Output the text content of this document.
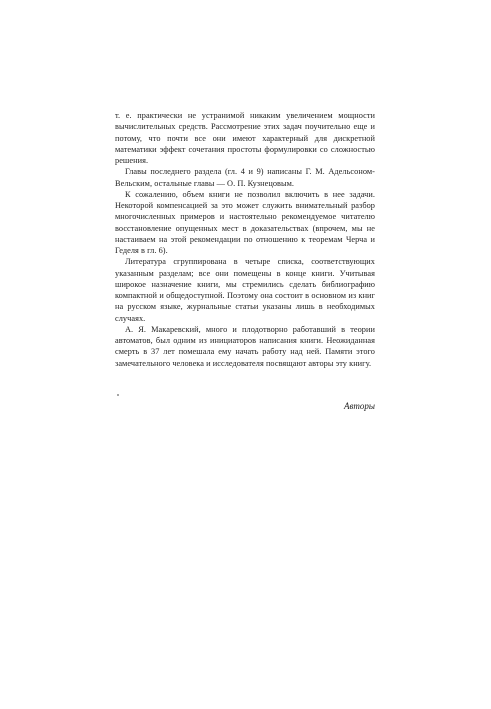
т. е. практически не устранимой никаким увеличением мощности вычислительных средств. Рассмотрение этих задач поучительно еще и потому, что почти все они имеют характерный для дискретной математики эффект сочетания простоты формулировки со сложностью решения.

Главы последнего раздела (гл. 4 и 9) написаны Г. М. Адельсоном-Вельским, остальные главы — О. П. Кузнецовым.

К сожалению, объем книги не позволил включить в нее задачи. Некоторой компенсацией за это может служить внимательный разбор многочисленных примеров и настоятельно рекомендуемое читателю восстановление опущенных мест в доказательствах (впрочем, мы не настаиваем на этой рекомендации по отношению к теоремам Черча и Геделя в гл. 6).

Литература сгруппирована в четыре списка, соответствующих указанным разделам; все они помещены в конце книги. Учитывая широкое назначение книги, мы стремились сделать библиографию компактной и общедоступной. Поэтому она состоит в основном из книг на русском языке, журнальные статьи указаны лишь в необходимых случаях.

А. Я. Макаревский, много и плодотворно работавший в теории автоматов, был одним из инициаторов написания книги. Неожиданная смерть в 37 лет помешала ему начать работу над ней. Памяти этого замечательного человека и исследователя посвящают авторы эту книгу.

Авторы
